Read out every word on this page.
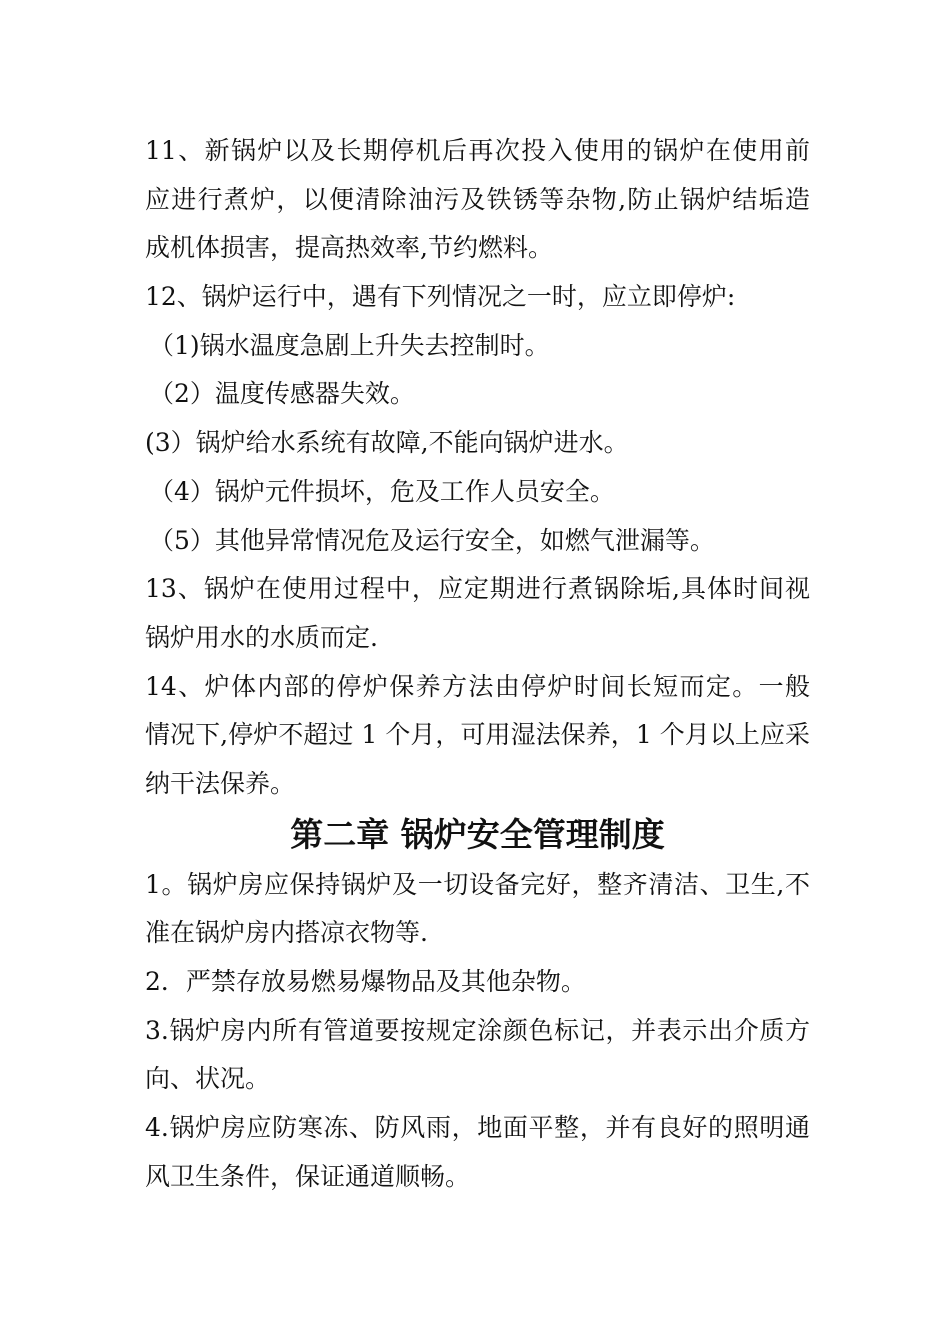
11、新锅炉以及长期停机后再次投入使用的锅炉在使用前
应进行煮炉，以便清除油污及铁锈等杂物,防止锅炉结垢造
成机体损害，提高热效率,节约燃料。
12、锅炉运行中，遇有下列情况之一时，应立即停炉:
（1)锅水温度急剧上升失去控制时。
（2）温度传感器失效。
(3）锅炉给水系统有故障,不能向锅炉进水。
（4）锅炉元件损坏，危及工作人员安全。
（5）其他异常情况危及运行安全，如燃气泄漏等。
13、锅炉在使用过程中，应定期进行煮锅除垢,具体时间视
锅炉用水的水质而定.
14、炉体内部的停炉保养方法由停炉时间长短而定。一般
情况下,停炉不超过 1 个月，可用湿法保养，1 个月以上应采
纳干法保养。
第二章 锅炉安全管理制度
1。锅炉房应保持锅炉及一切设备完好，整齐清洁、卫生,不
准在锅炉房内搭凉衣物等.
2．严禁存放易燃易爆物品及其他杂物。
3.锅炉房内所有管道要按规定涂颜色标记，并表示出介质方
向、状况。
4.锅炉房应防寒冻、防风雨，地面平整，并有良好的照明通
风卫生条件，保证通道顺畅。
